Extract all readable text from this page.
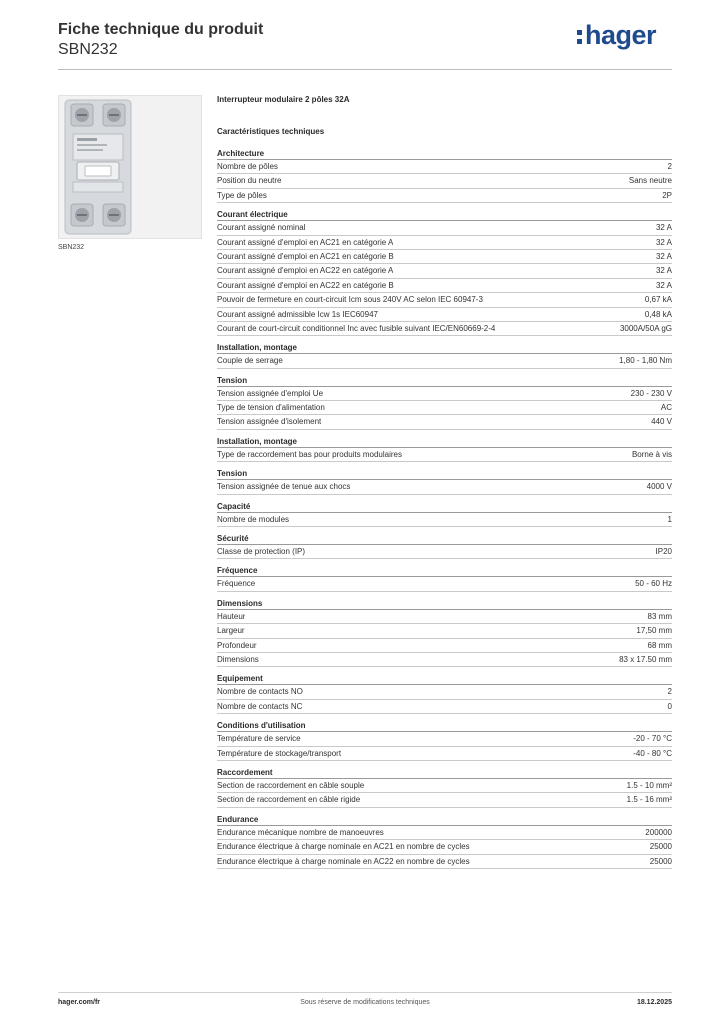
Fiche technique du produit
SBN232	hager
SBN232
Interrupteur modulaire 2 pôles 32A
Caractéristiques techniques
Architecture
Nombre de pôles	2
Position du neutre	Sans neutre
Type de pôles	2P
Courant électrique
Courant assigné nominal	32 A
Courant assigné d'emploi en AC21 en catégorie A	32 A
Courant assigné d'emploi en AC21 en catégorie B	32 A
Courant assigné d'emploi en AC22 en catégorie A	32 A
Courant assigné d'emploi en AC22 en catégorie B	32 A
Pouvoir de fermeture en court-circuit Icm sous 240V AC selon IEC 60947-3	0,67 kA
Courant assigné admissible Icw 1s IEC60947	0,48 kA
Courant de court-circuit conditionnel Inc avec fusible suivant IEC/EN60669-2-4	3000A/50A gG
Installation, montage
Couple de serrage	1,80 - 1,80 Nm
Tension
Tension assignée d'emploi Ue	230 - 230 V
Type de tension d'alimentation	AC
Tension assignée d'isolement	440 V
Installation, montage
Type de raccordement bas pour produits modulaires	Borne à vis
Tension
Tension assignée de tenue aux chocs	4000 V
Capacité
Nombre de modules	1
Sécurité
Classe de protection (IP)	IP20
Fréquence
Fréquence	50 - 60 Hz
Dimensions
Hauteur	83 mm
Largeur	17,50 mm
Profondeur	68 mm
Dimensions	83 x 17.50 mm
Equipement
Nombre de contacts NO	2
Nombre de contacts NC	0
Conditions d'utilisation
Température de service	-20 - 70 °C
Température de stockage/transport	-40 - 80 °C
Raccordement
Section de raccordement en câble souple	1.5 - 10 mm²
Section de raccordement en câble rigide	1.5 - 16 mm²
Endurance
Endurance mécanique nombre de manoeuvres	200000
Endurance électrique à charge nominale en AC21 en nombre de cycles	25000
Endurance électrique à charge nominale en AC22 en nombre de cycles	25000
hager.com/fr	Sous réserve de modifications techniques	18.12.2025
